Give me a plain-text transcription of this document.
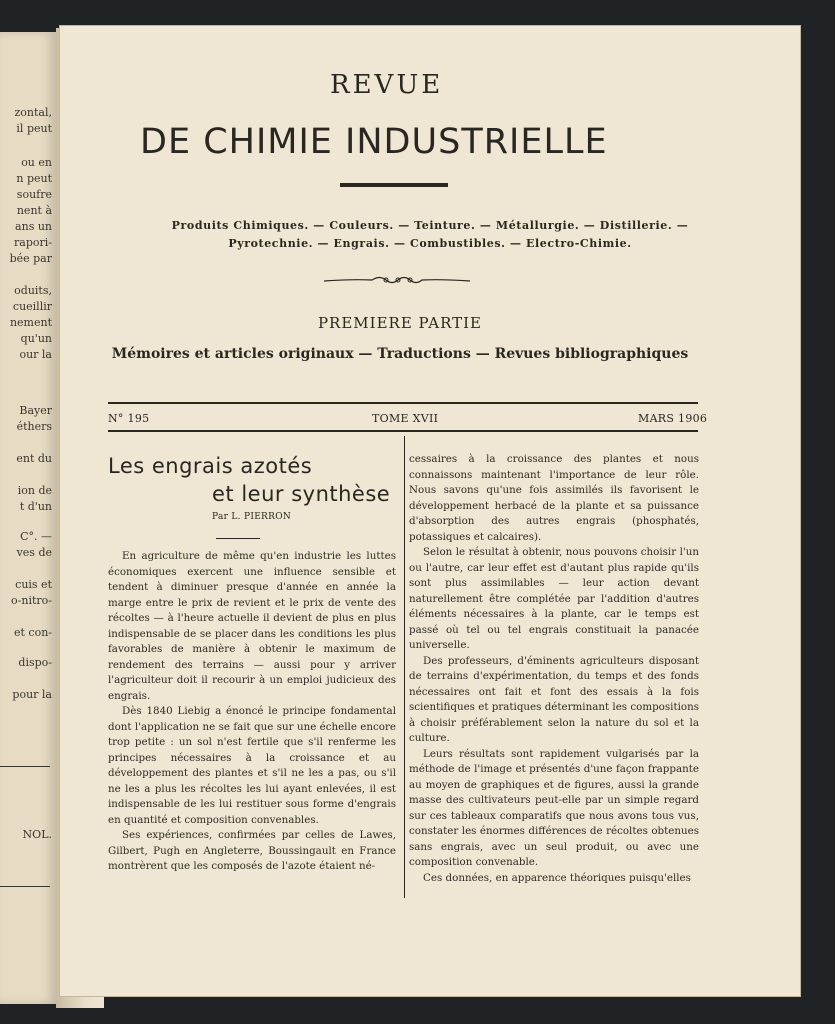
zontal,
il peut
ou en
n peut
soufre
nent à
ans un
rapori-
bée par
oduits,
cueillir
nement
qu'un
our la
Bayer
éthers
ent du
ion de
t d'un
C°. —
ves de
cuis et
o-nitro-
et con-
dispo-
pour la
NOL.
REVUE
DE CHIMIE INDUSTRIELLE
Produits Chimiques. — Couleurs. — Teinture. — Métallurgie. — Distillerie. —
Pyrotechnie. — Engrais. — Combustibles. — Electro-Chimie.
PREMIERE PARTIE
Mémoires et articles originaux — Traductions — Revues bibliographiques
N° 195	TOME XVII	MARS 1906
Les engrais azotés
et leur synthèse
Par L. PIERRON

En agriculture de même qu'en industrie les luttes économiques exercent une influence sensible et tendent à diminuer presque d'année en année la marge entre le prix de revient et le prix de vente des récoltes — à l'heure actuelle il devient de plus en plus indispensable de se placer dans les conditions les plus favorables de manière à obtenir le maximum de rendement des terrains — aussi pour y arriver l'agriculteur doit il recourir à un emploi judicieux des engrais.

Dès 1840 Liebig a énoncé le principe fondamental dont l'application ne se fait que sur une échelle encore trop petite : un sol n'est fertile que s'il renferme les principes nécessaires à la croissance et au développement des plantes et s'il ne les a pas, ou s'il ne les a plus les récoltes les lui ayant enlevées, il est indispensable de les lui restituer sous forme d'engrais en quantité et composition convenables.

Ses expériences, confirmées par celles de Lawes, Gilbert, Pugh en Angleterre, Boussingault en France montrèrent que les composés de l'azote étaient né-

cessaires à la croissance des plantes et nous connaissons maintenant l'importance de leur rôle. Nous savons qu'une fois assimilés ils favorisent le développement herbacé de la plante et sa puissance d'absorption des autres engrais (phosphatés, potassiques et calcaires).

Selon le résultat à obtenir, nous pouvons choisir l'un ou l'autre, car leur effet est d'autant plus rapide qu'ils sont plus assimilables — leur action devant naturellement être complétée par l'addition d'autres éléments nécessaires à la plante, car le temps est passé où tel ou tel engrais constituait la panacée universelle.

Des professeurs, d'éminents agriculteurs disposant de terrains d'expérimentation, du temps et des fonds nécessaires ont fait et font des essais à la fois scientifiques et pratiques déterminant les compositions à choisir préférablement selon la nature du sol et la culture.

Leurs résultats sont rapidement vulgarisés par la méthode de l'image et présentés d'une façon frappante au moyen de graphiques et de figures, aussi la grande masse des cultivateurs peut-elle par un simple regard sur ces tableaux comparatifs que nous avons tous vus, constater les énormes différences de récoltes obtenues sans engrais, avec un seul produit, ou avec une composition convenable.

Ces données, en apparence théoriques puisqu'elles
